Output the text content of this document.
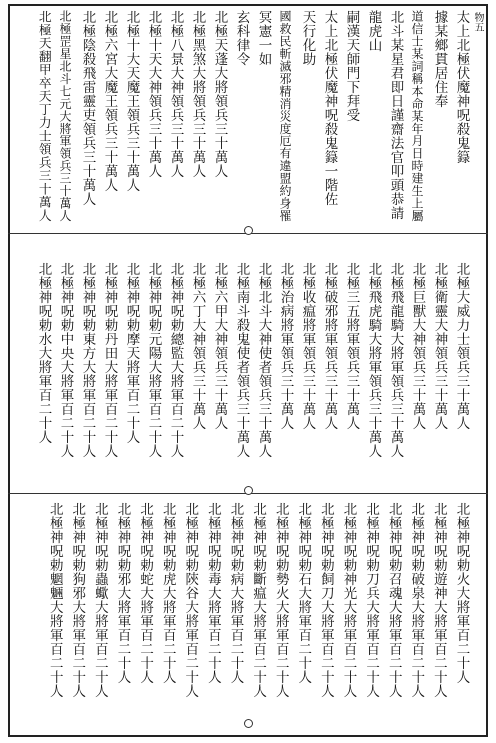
物五
太上北極伏魔神呪殺鬼籙
據某鄉貫居住奉
道信士某詞稱本命某年月日時建生上屬
北斗某星君即日謹齋法官叩頭恭請
龍虎山
嗣漢天師門下拜受
太上北極伏魔神呪殺鬼籙一階佐
天行化助
國救民斬滅邪精消災度厄有違盟約身罹
冥憲一如
玄科律令
北極天蓬大將領兵三十萬人
北極黑煞大將領兵三十萬人
北極八景大神領兵三十萬人
北極十天大神領兵三十萬人
北極十大天魔王領兵三十萬人
北極六宮大魔王領兵三十萬人
北極陰殺飛雷靈吏領兵三十萬人
北極罡星北斗七元大將軍領兵三十萬人
北極天翻甲卒天丁力士領兵三十萬人
北極大威力士領兵三十萬人
北極衛靈大神領兵三十萬人
北極巨獸大神領兵三十萬人
北極飛龍騎大將軍領兵三十萬人
北極飛虎騎大將軍領兵三十萬人
北極三五將軍領兵三十萬人
北極破邪將軍領兵三十萬人
北極收瘟將軍領兵三十萬人
北極治病將軍領兵三十萬人
北極北斗大神使者領兵三十萬人
北極南斗殺鬼使者領兵三十萬人
北極六甲大神領兵三十萬人
北極六丁大神領兵三十萬人
北極神呪勅總監大將軍百二十人
北極神呪勅元陽大將軍百二十人
北極神呪勅摩天將軍百二十人
北極神呪勅丹田大將軍百二十人
北極神呪勅東方大將軍百二十人
北極神呪勅中央大將軍百二十人
北極神呪勅水大將軍百二十人
北極神呪勅火大將軍百二十人
北極神呪勅遊神大將軍百二十人
北極神呪勅破泉大將軍百二十人
北極神呪勅召魂大將軍百二十人
北極神呪勅刀兵大將軍百二十人
北極神呪勅神光大將軍百二十人
北極神呪勅飼刀大將軍百二十人
北極神呪勅石大將軍百二十人
北極神呪勅勢火大將軍百二十人
北極神呪勅斷瘟大將軍百二十人
北極神呪勅病大將軍百二十人
北極神呪勅毒大將軍百二十人
北極神呪勅陝谷大將軍百二十人
北極神呪勅虎大將軍百二十人
北極神呪勅蛇大將軍百二十人
北極神呪勅邪大將軍百二十人
北極神呪勅蟲蠍大將軍百二十人
北極神呪勅狗邪大將軍百二十人
北極神呪勅魍魎大將軍百二十人
